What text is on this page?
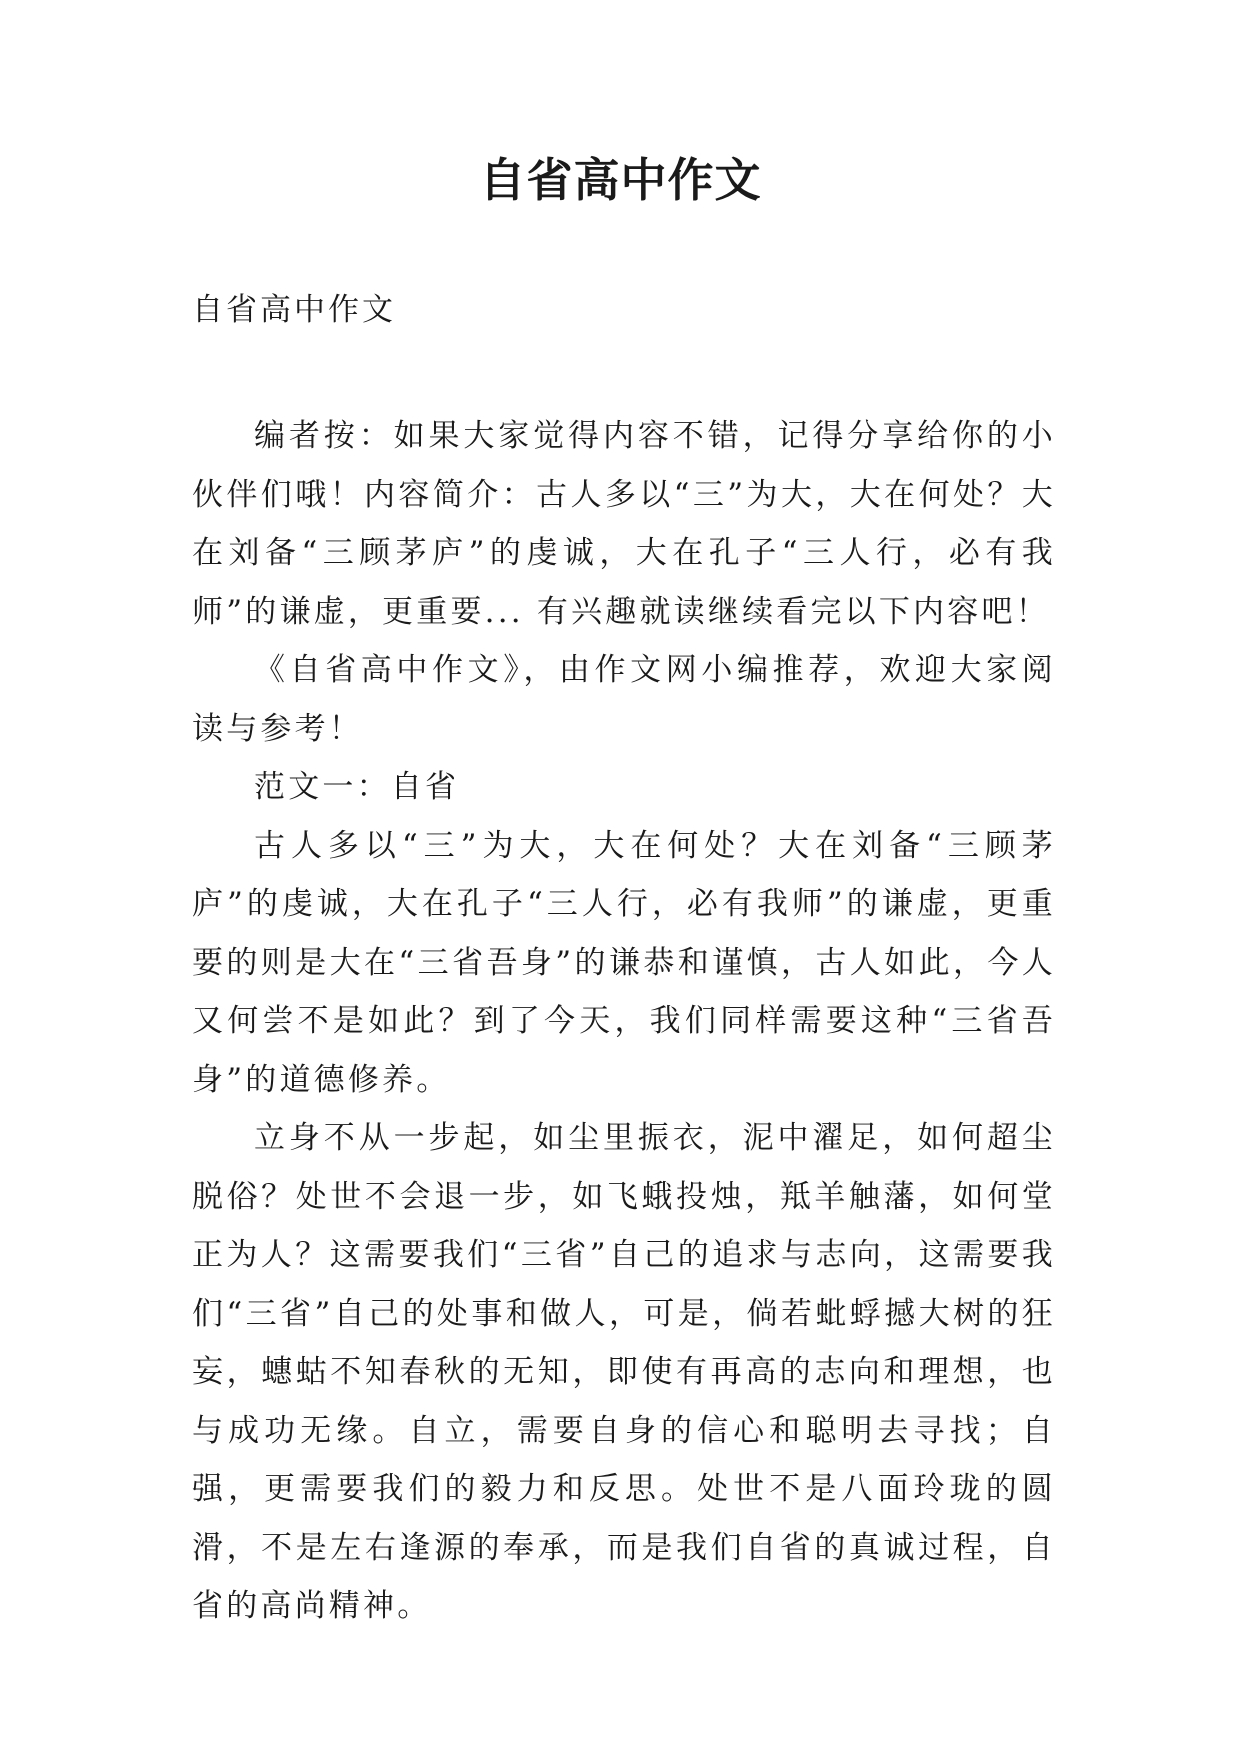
自省高中作文

自省高中作文

编者按：如果大家觉得内容不错，记得分享给你的小伙伴们哦！内容简介：古人多以“三”为大，大在何处？大在刘备“三顾茅庐”的虔诚，大在孔子“三人行，必有我师”的谦虚，更重要... 有兴趣就读继续看完以下内容吧！

《自省高中作文》，由作文网小编推荐，欢迎大家阅读与参考！

范文一：自省

古人多以“三”为大，大在何处？大在刘备“三顾茅庐”的虔诚，大在孔子“三人行，必有我师”的谦虚，更重要的则是大在“三省吾身”的谦恭和谨慎，古人如此，今人又何尝不是如此？到了今天，我们同样需要这种“三省吾身”的道德修养。

立身不从一步起，如尘里振衣，泥中濯足，如何超尘脱俗？处世不会退一步，如飞蛾投烛，羝羊触藩，如何堂正为人？这需要我们“三省”自己的追求与志向，这需要我们“三省”自己的处事和做人，可是，倘若蚍蜉撼大树的狂妄，蟪蛄不知春秋的无知，即使有再高的志向和理想，也与成功无缘。自立，需要自身的信心和聪明去寻找；自强，更需要我们的毅力和反思。处世不是八面玲珑的圆滑，不是左右逢源的奉承，而是我们自省的真诚过程，自省的高尚精神。
